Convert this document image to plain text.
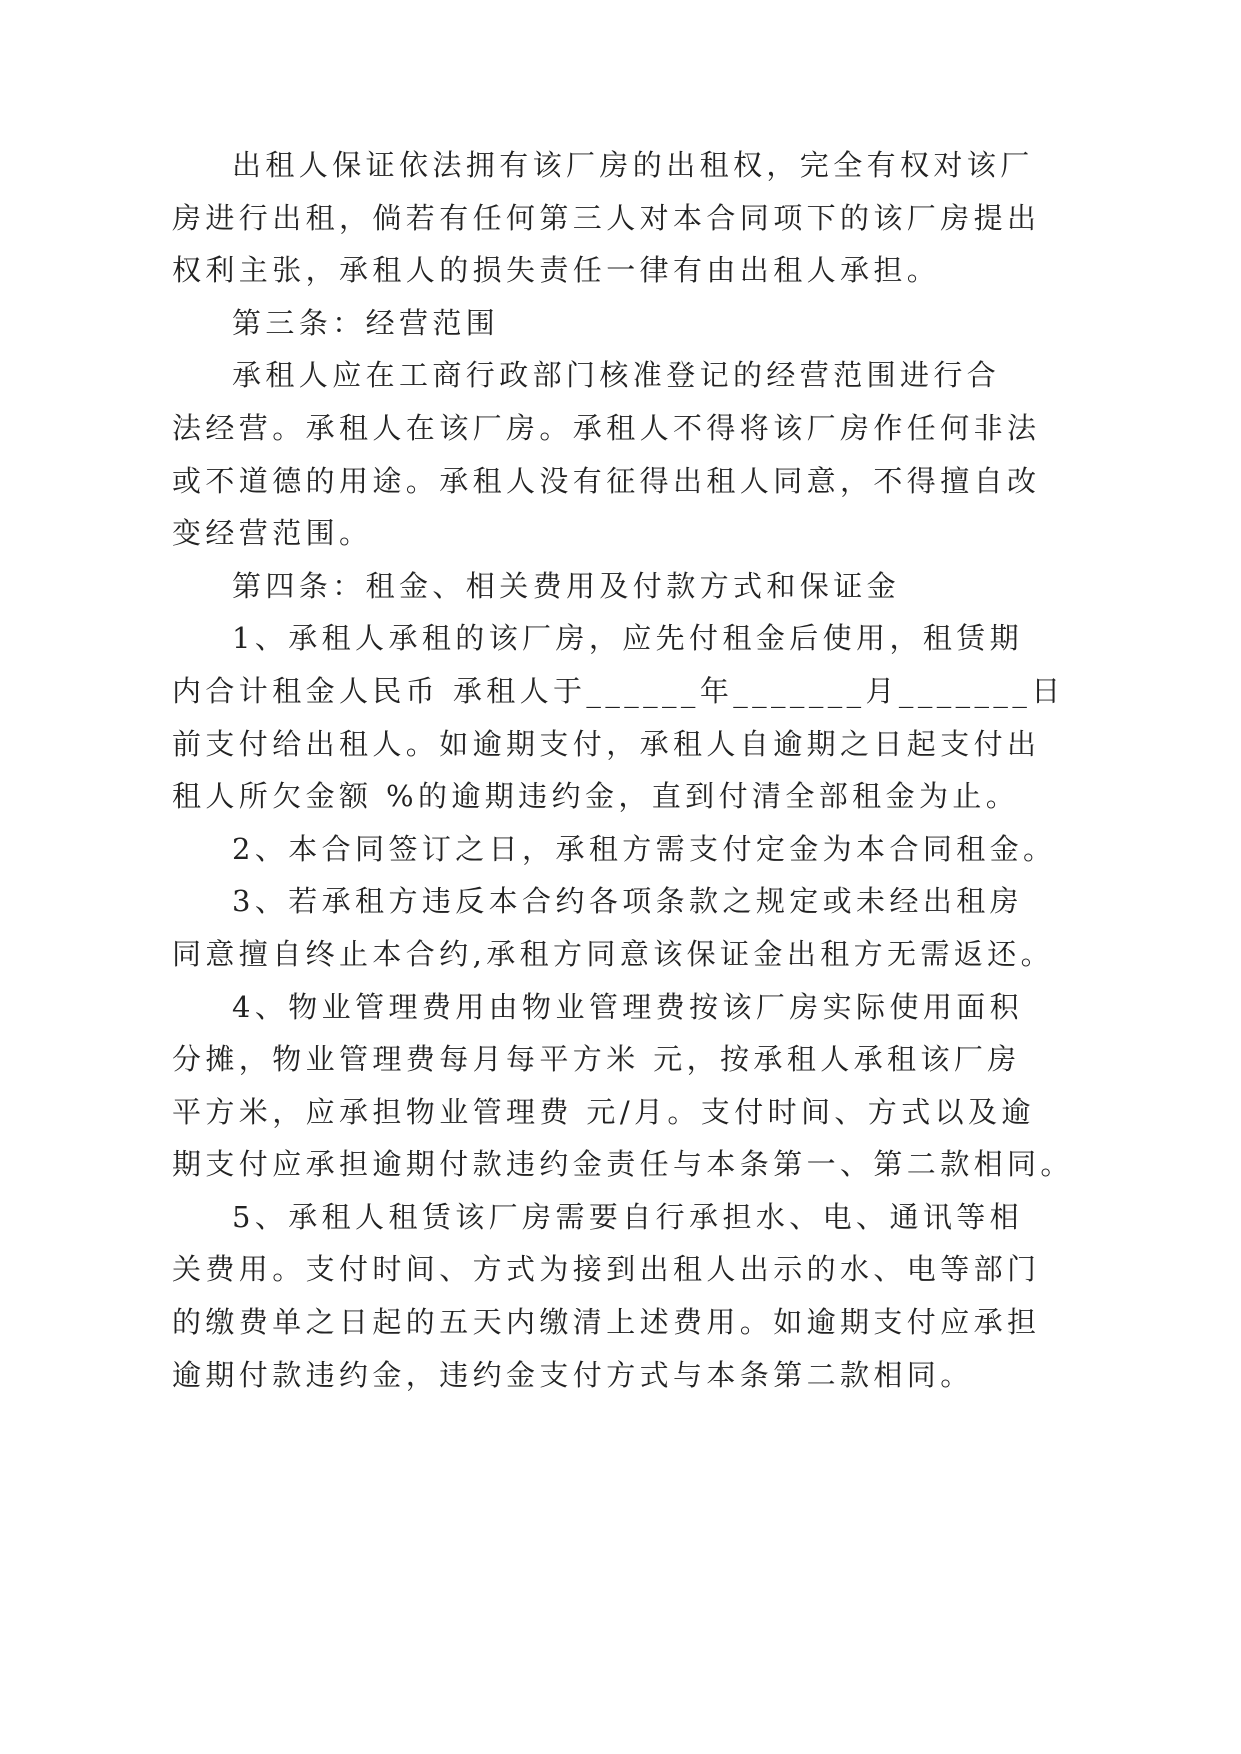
出租人保证依法拥有该厂房的出租权，完全有权对该厂
房进行出租，倘若有任何第三人对本合同项下的该厂房提出
权利主张，承租人的损失责任一律有由出租人承担。
第三条：经营范围
承租人应在工商行政部门核准登记的经营范围进行合
法经营。承租人在该厂房。承租人不得将该厂房作任何非法
或不道德的用途。承租人没有征得出租人同意，不得擅自改
变经营范围。
第四条：租金、相关费用及付款方式和保证金
1、承租人承租的该厂房，应先付租金后使用，租赁期
内合计租金人民币 承租人于______年_______月_______日
前支付给出租人。如逾期支付，承租人自逾期之日起支付出
租人所欠金额 %的逾期违约金，直到付清全部租金为止。
2、本合同签订之日，承租方需支付定金为本合同租金。
3、若承租方违反本合约各项条款之规定或未经出租房
同意擅自终止本合约,承租方同意该保证金出租方无需返还。
4、物业管理费用由物业管理费按该厂房实际使用面积
分摊，物业管理费每月每平方米 元，按承租人承租该厂房
平方米，应承担物业管理费 元/月。支付时间、方式以及逾
期支付应承担逾期付款违约金责任与本条第一、第二款相同。
5、承租人租赁该厂房需要自行承担水、电、通讯等相
关费用。支付时间、方式为接到出租人出示的水、电等部门
的缴费单之日起的五天内缴清上述费用。如逾期支付应承担
逾期付款违约金，违约金支付方式与本条第二款相同。
